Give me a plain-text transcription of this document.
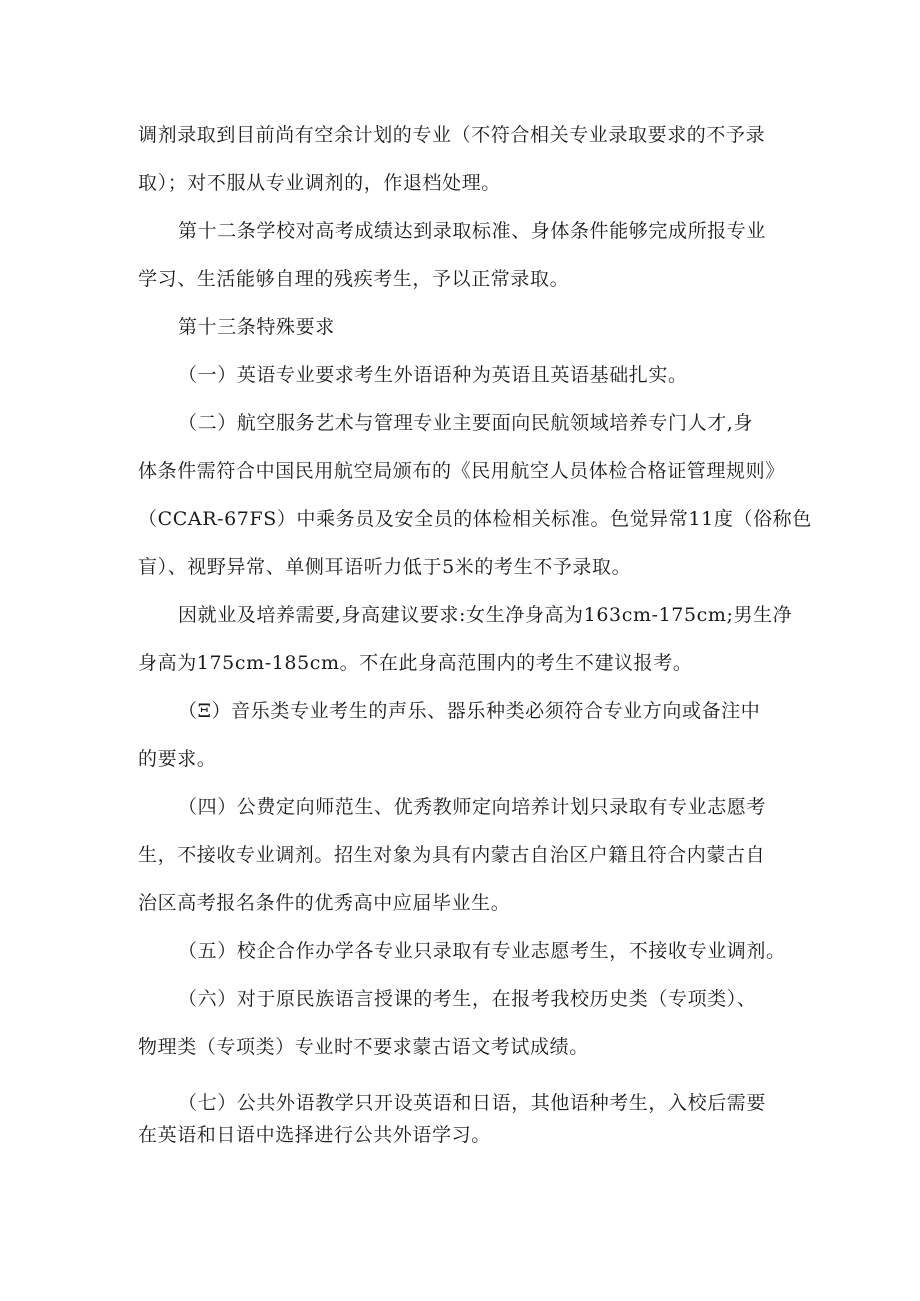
调剂录取到目前尚有空余计划的专业（不符合相关专业录取要求的不予录
取）；对不服从专业调剂的，作退档处理。
第十二条学校对高考成绩达到录取标准、身体条件能够完成所报专业
学习、生活能够自理的残疾考生，予以正常录取。
第十三条特殊要求
（一）英语专业要求考生外语语种为英语且英语基础扎实。
（二）航空服务艺术与管理专业主要面向民航领域培养专门人才,身
体条件需符合中国民用航空局颁布的《民用航空人员体检合格证管理规则》
（CCAR-67FS）中乘务员及安全员的体检相关标准。色觉异常11度（俗称色
盲）、视野异常、单侧耳语听力低于5米的考生不予录取。
因就业及培养需要,身高建议要求:女生净身高为163cm-175cm;男生净
身高为175cm-185cm。不在此身高范围内的考生不建议报考。
（Ξ）音乐类专业考生的声乐、器乐种类必须符合专业方向或备注中
的要求。
（四）公费定向师范生、优秀教师定向培养计划只录取有专业志愿考
生，不接收专业调剂。招生对象为具有内蒙古自治区户籍且符合内蒙古自
治区高考报名条件的优秀高中应届毕业生。
（五）校企合作办学各专业只录取有专业志愿考生，不接收专业调剂。
（六）对于原民族语言授课的考生，在报考我校历史类（专项类）、
物理类（专项类）专业时不要求蒙古语文考试成绩。
（七）公共外语教学只开设英语和日语，其他语种考生，入校后需要
在英语和日语中选择进行公共外语学习。
